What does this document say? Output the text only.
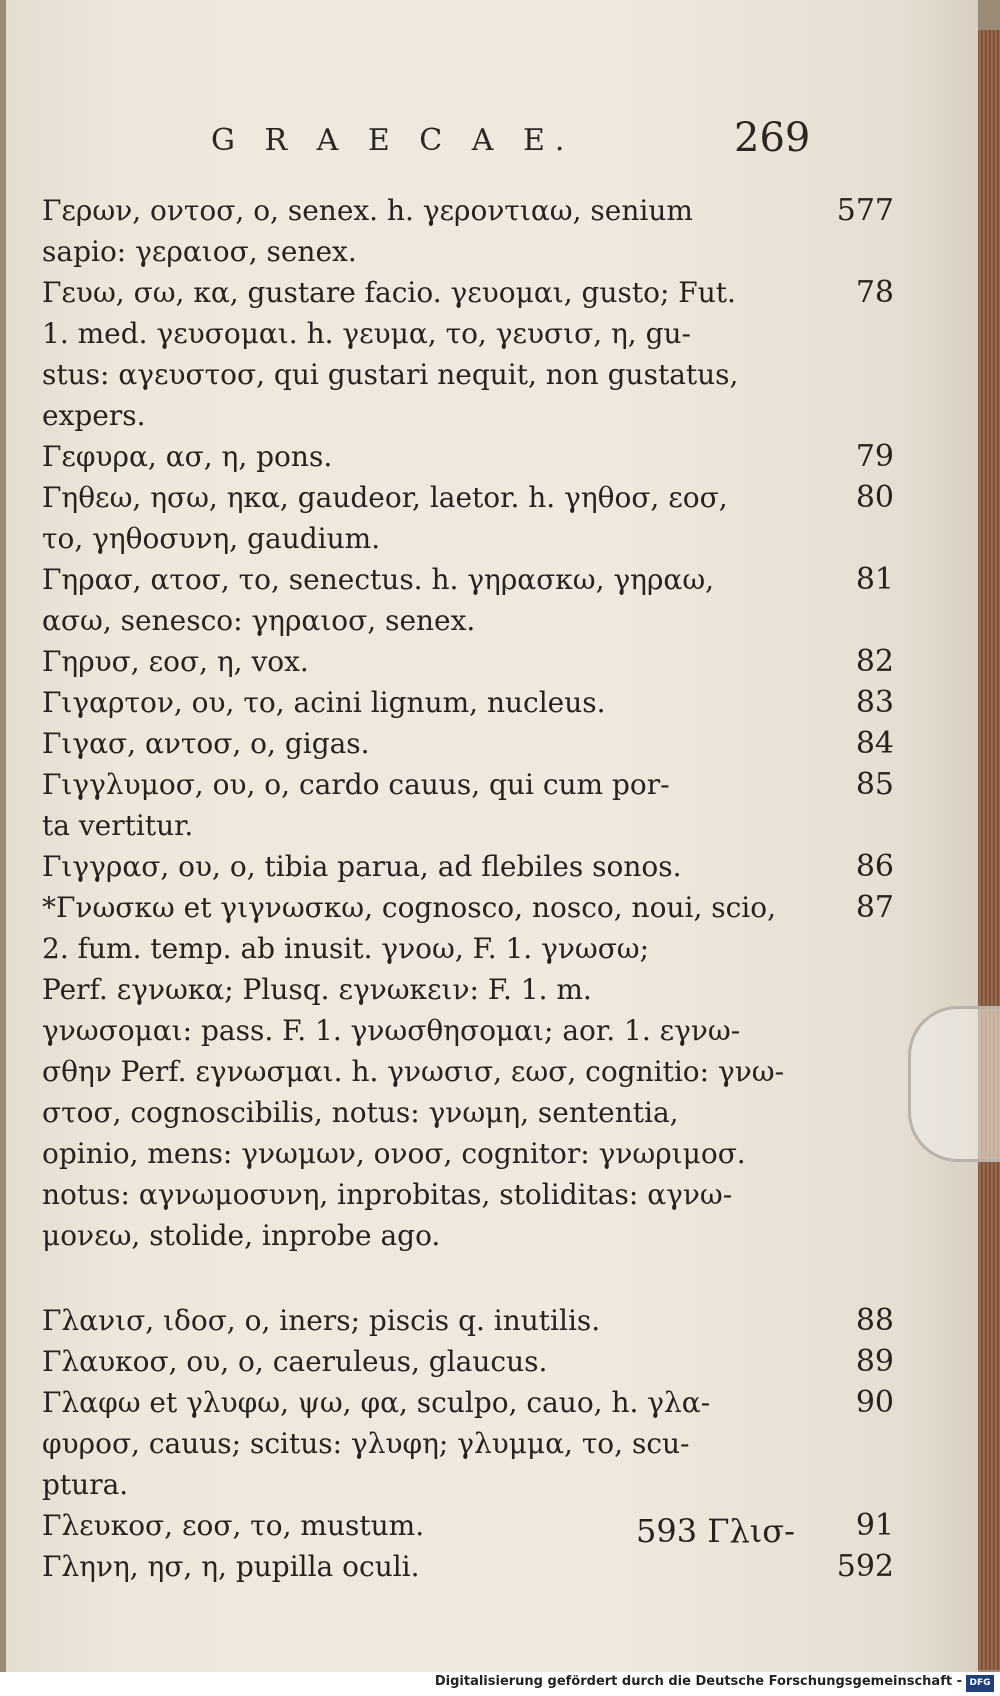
G R A E C A E.	269
Γερων, οντοσ, ο, senex. h. γεροντιαω, senium	577
sapio: γεραιοσ, senex.
Γευω, σω, κα, gustare facio. γευομαι, gusto; Fut.	78
1. med. γευσομαι. h. γευμα, το, γευσισ, η, gu-
stus: αγευστοσ, qui gustari nequit, non gustatus,
expers.
Γεφυρα, ασ, η, pons.	79
Γηθεω, ησω, ηκα, gaudeor, laetor. h. γηθοσ, εοσ,	80
το, γηθοσυνη, gaudium.
Γηρασ, ατοσ, το, senectus. h. γηρασκω, γηραω,	81
ασω, senesco: γηραιοσ, senex.
Γηρυσ, εοσ, η, vox.	82
Γιγαρτον, ου, το, acini lignum, nucleus.	83
Γιγασ, αντοσ, ο, gigas.	84
Γιγγλυμοσ, ου, ο, cardo cauus, qui cum por-	85
ta vertitur.
Γιγγρασ, ου, ο, tibia parua, ad flebiles sonos.	86
*Γνωσκω et γιγνωσκω, cognosco, nosco, noui, scio,	87
2. fum. temp. ab inusit. γνοω, F. 1. γνωσω;
Perf. εγνωκα; Plusq. εγνωκειν: F. 1. m.
γνωσομαι: pass. F. 1. γνωσθησομαι; aor. 1. εγνω-
σθην Perf. εγνωσμαι. h. γνωσισ, εωσ, cognitio: γνω-
στοσ, cognoscibilis, notus: γνωμη, sententia,
opinio, mens: γνωμων, ονοσ, cognitor: γνωριμοσ.
notus: αγνωμοσυνη, inprobitas, stoliditas: αγνω-
μονεω, stolide, inprobe ago.
Γλανισ, ιδοσ, ο, iners; piscis q. inutilis.	88
Γλαυκοσ, ου, ο, caeruleus, glaucus.	89
Γλαφω et γλυφω, ψω, φα, sculpo, cauo, h. γλα-	90
φυροσ, cauus; scitus: γλυφη; γλυμμα, το, scu-
ptura.
Γλευκοσ, εοσ, το, mustum.	91
Γληνη, ησ, η, pupilla oculi.	592
593 Γλισ-
Digitalisierung gefördert durch die Deutsche Forschungsgemeinschaft - DFG
